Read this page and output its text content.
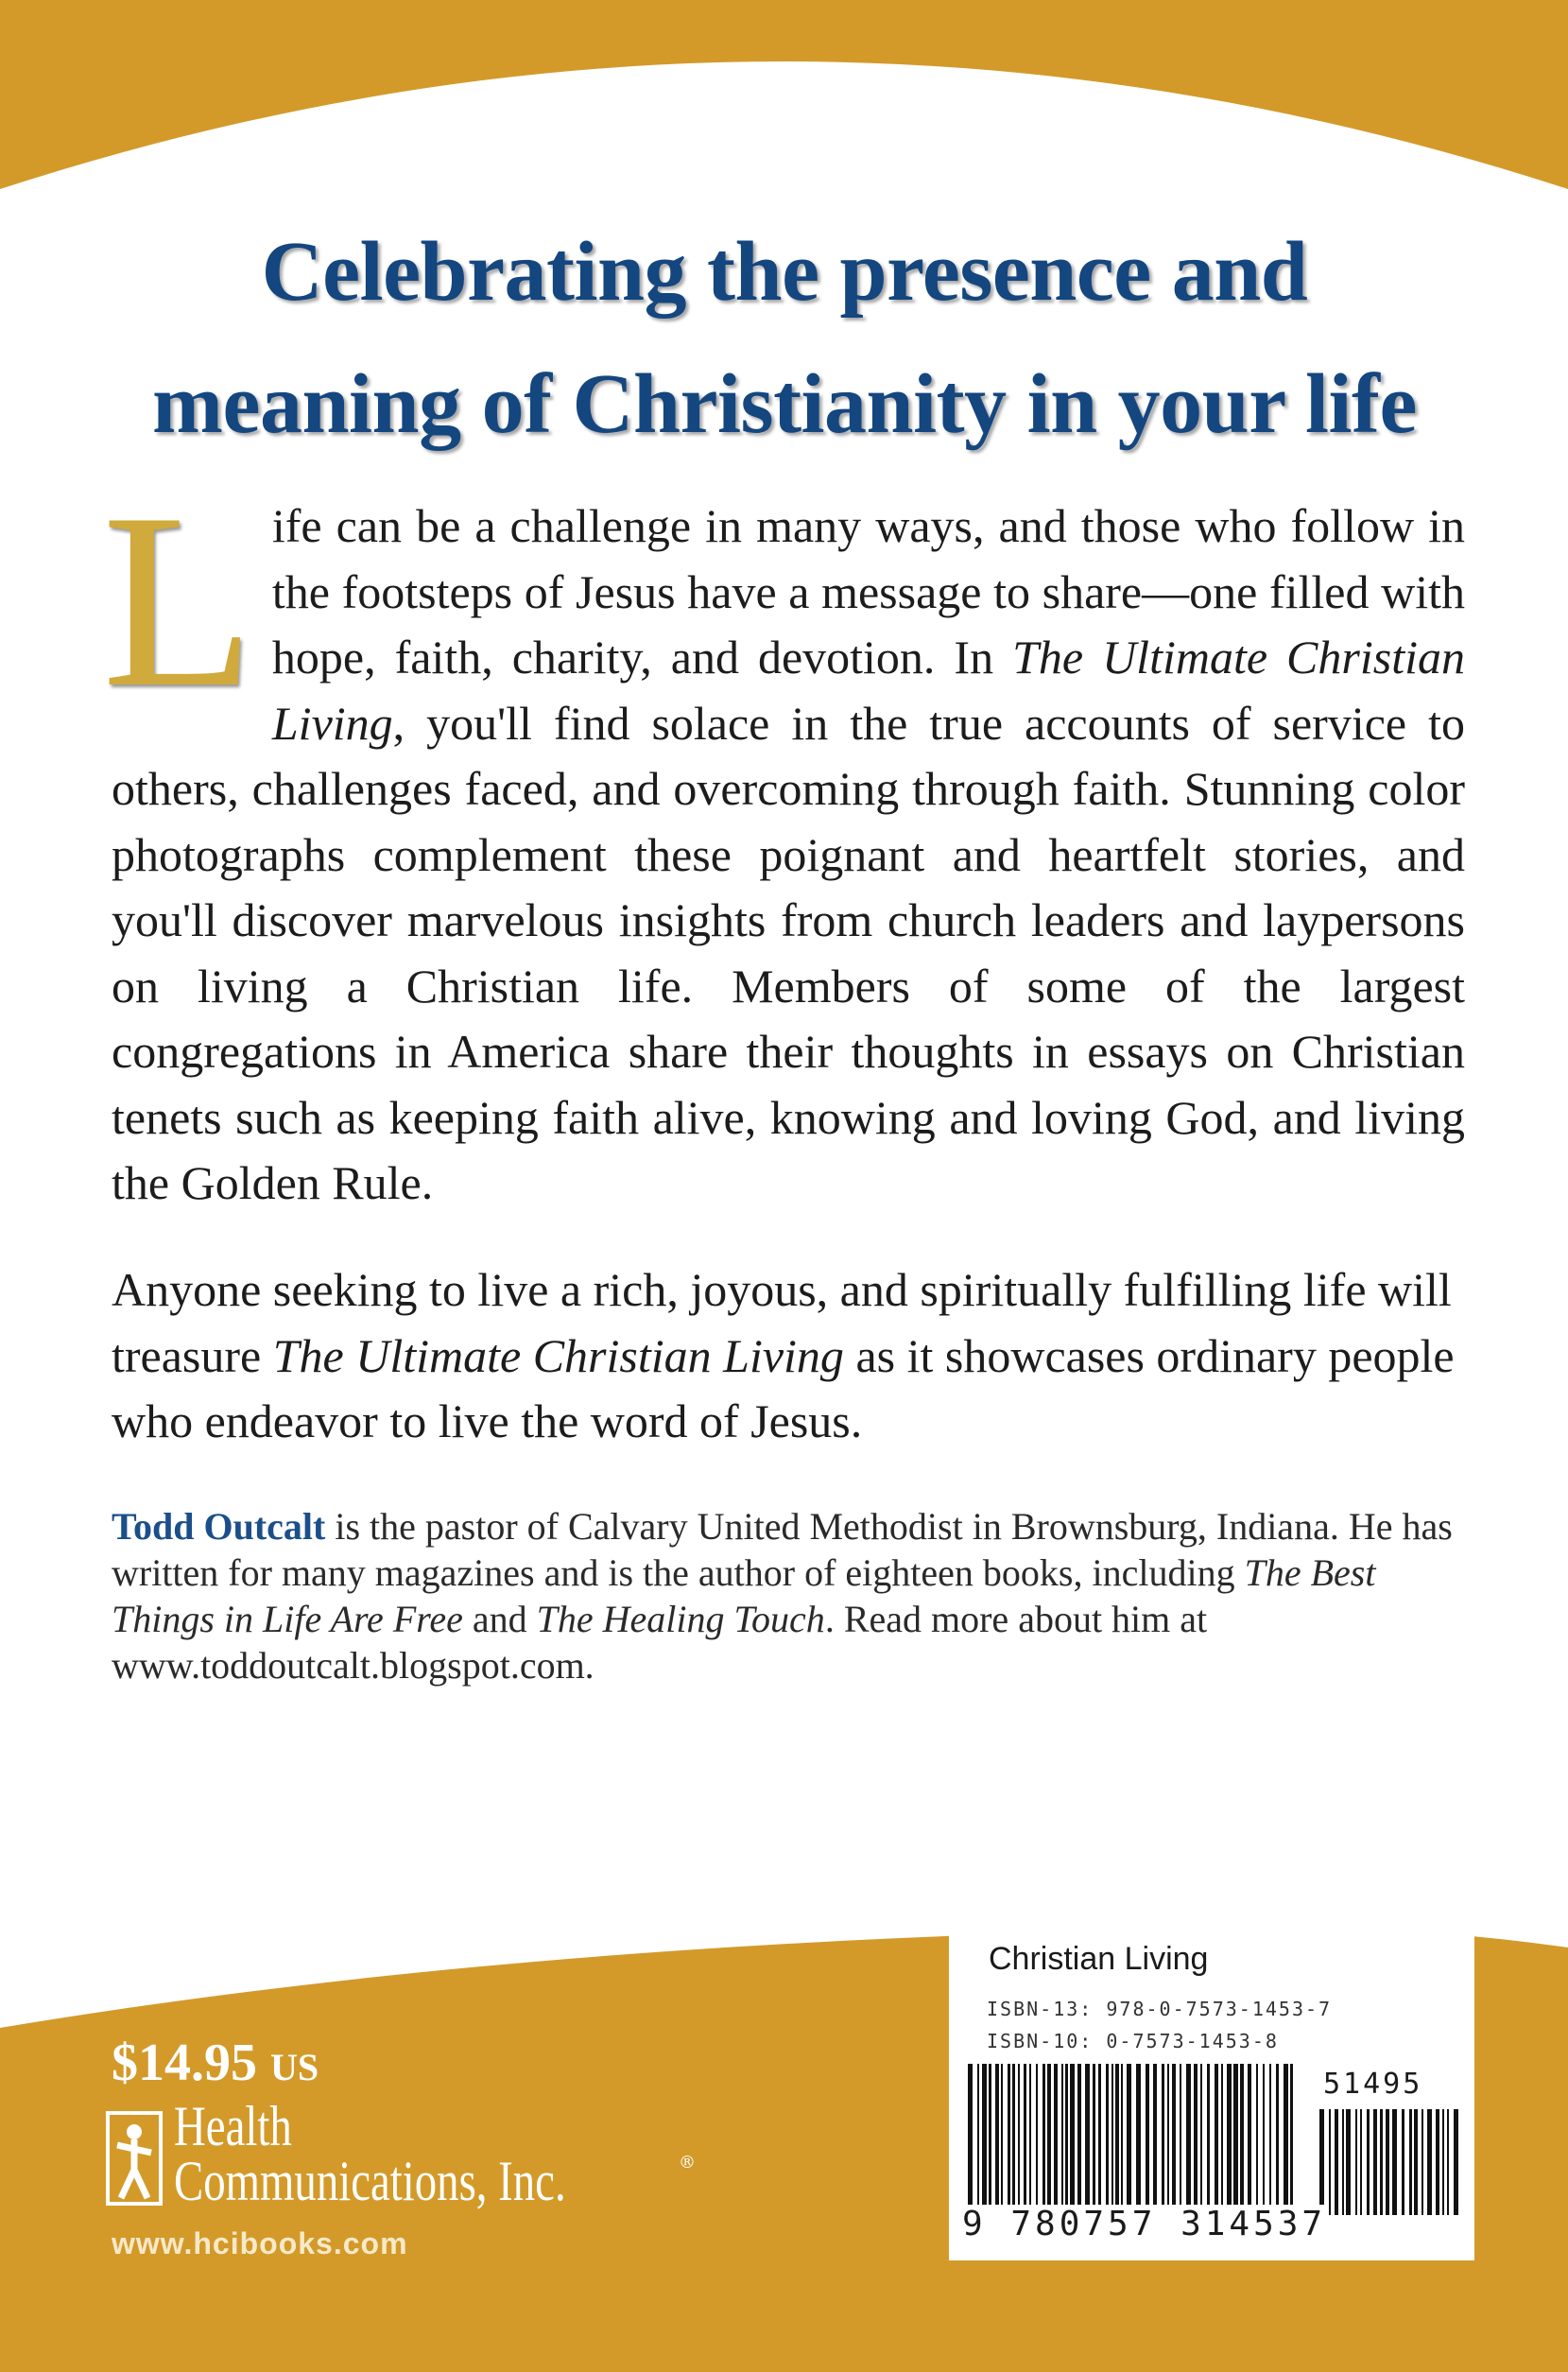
Celebrating the presence and
meaning of Christianity in your life
Life can be a challenge in many ways, and those who follow in the footsteps of Jesus have a message to share—one filled with hope, faith, charity, and devotion. In The Ultimate Christian Living, you'll find solace in the true accounts of service to others, challenges faced, and overcoming through faith. Stunning color photographs complement these poignant and heartfelt stories, and you'll discover marvelous insights from church leaders and laypersons on living a Christian life. Members of some of the largest congregations in America share their thoughts in essays on Christian tenets such as keeping faith alive, knowing and loving God, and living the Golden Rule.
Anyone seeking to live a rich, joyous, and spiritually fulfilling life will treasure The Ultimate Christian Living as it showcases ordinary people who endeavor to live the word of Jesus.
Todd Outcalt is the pastor of Calvary United Methodist in Brownsburg, Indiana. He has written for many magazines and is the author of eighteen books, including The Best Things in Life Are Free and The Healing Touch. Read more about him at www.toddoutcalt.blogspot.com.
$14.95 US
Health
Communications, Inc.	®
www.hcibooks.com
Christian Living
ISBN-13: 978-0-7573-1453-7
ISBN-10: 0-7573-1453-8
51495
9 780757 314537
